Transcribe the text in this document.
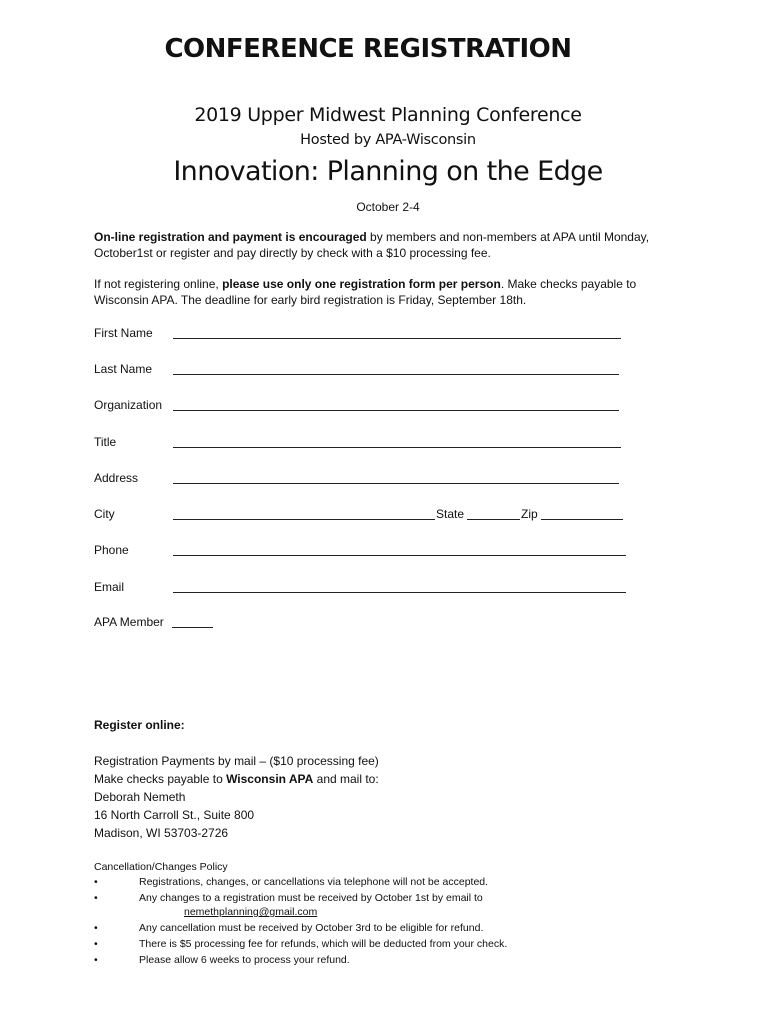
CONFERENCE REGISTRATION
2019 Upper Midwest Planning Conference
Hosted by APA-Wisconsin
Innovation: Planning on the Edge
October 2-4

On-line registration and payment is encouraged by members and non-members at APA until Monday, October1st or register and pay directly by check with a $10 processing fee.

If not registering online, please use only one registration form per person. Make checks payable to Wisconsin APA. The deadline for early bird registration is Friday, September 18th.

First Name
Last Name
Organization
Title
Address
City	State	Zip
Phone
Email
APA Member
Register online:
Registration Payments by mail – ($10 processing fee)
Make checks payable to Wisconsin APA and mail to:
Deborah Nemeth
16 North Carroll St., Suite 800
Madison, WI 53703-2726
Cancellation/Changes Policy
•	Registrations, changes, or cancellations via telephone will not be accepted.
•	Any changes to a registration must be received by October 1st by email to
nemethplanning@gmail.com
•	Any cancellation must be received by October 3rd to be eligible for refund.
•	There is $5 processing fee for refunds, which will be deducted from your check.
•	Please allow 6 weeks to process your refund.
